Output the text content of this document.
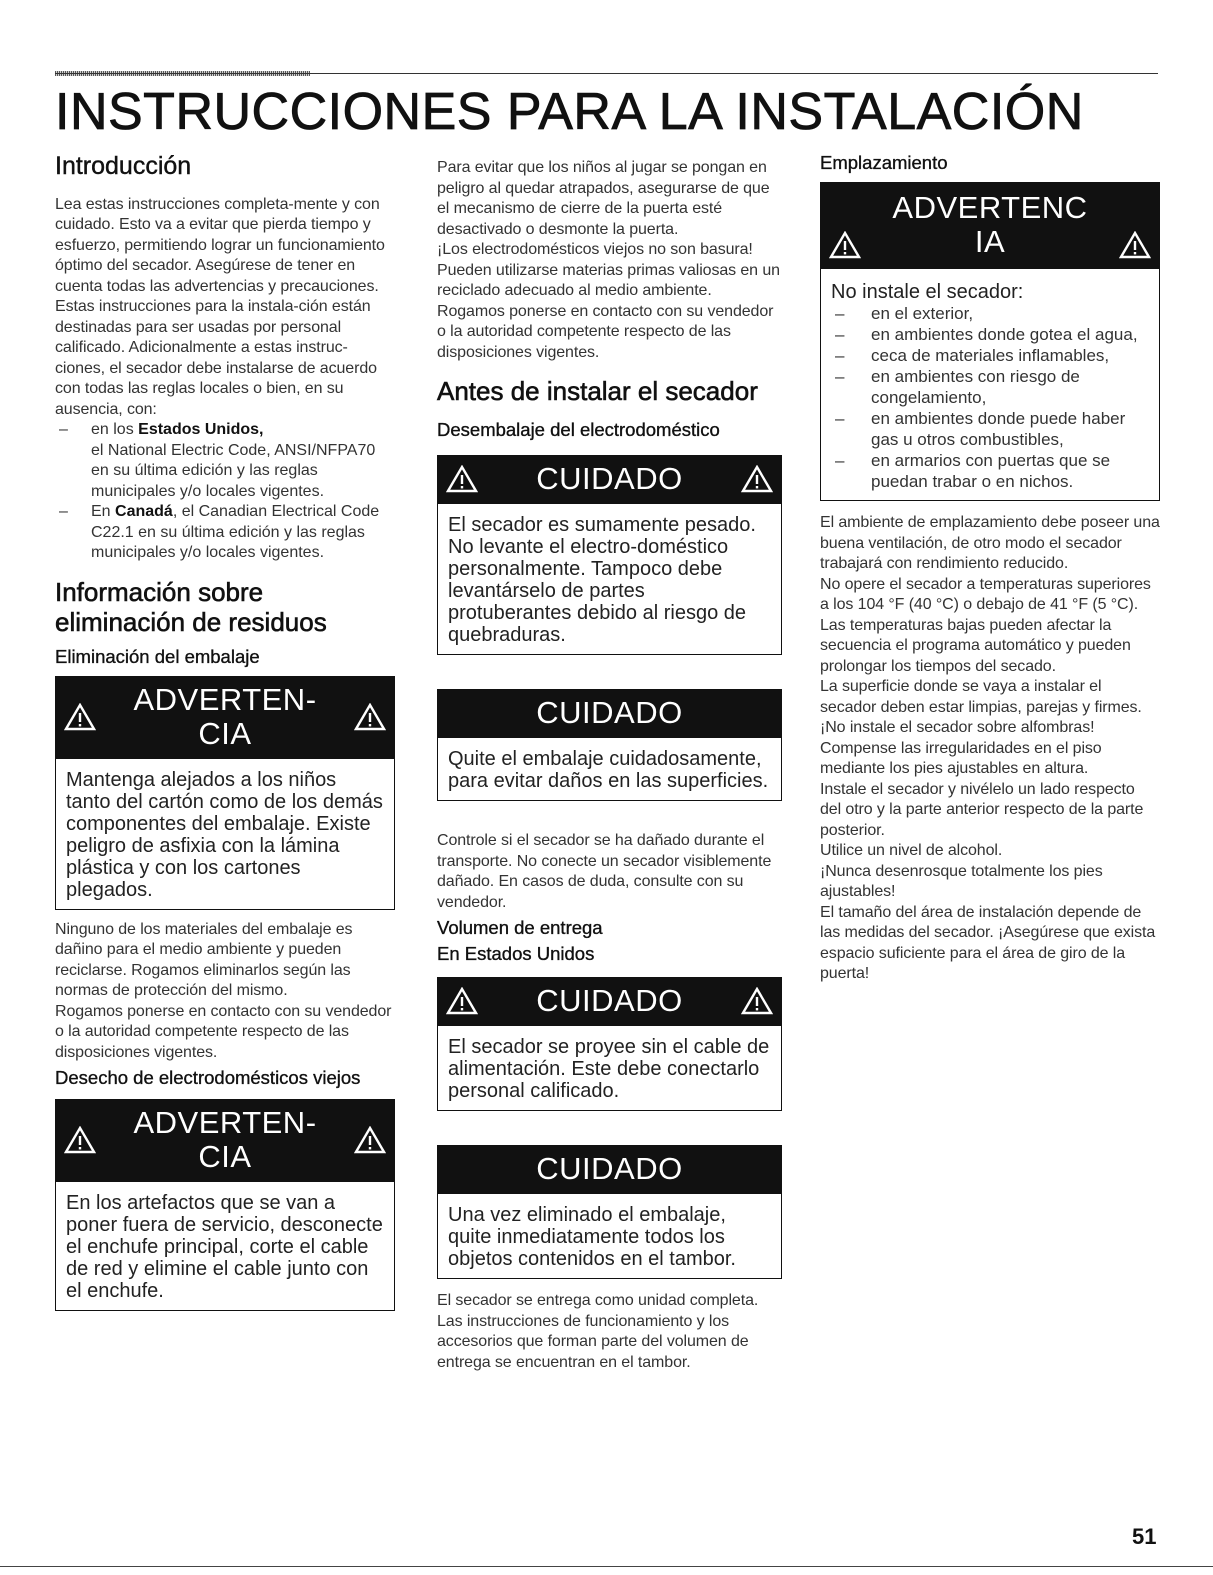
INSTRUCCIONES PARA LA INSTALACIÓN
Introducción

Lea estas instrucciones completa-mente y con cuidado. Esto va a evitar que pierda tiempo y esfuerzo, permitiendo lograr un funcionamiento óptimo del secador. Asegúrese de tener en cuenta todas las advertencias y precauciones.

Estas instrucciones para la instala-ción están destinadas para ser usadas por personal calificado. Adicionalmente a estas instruc-ciones, el secador debe instalarse de acuerdo con todas las reglas locales o bien, en su ausencia, con:

– en los Estados Unidos,
el National Electric Code, ANSI/NFPA70 en su última edición y las reglas municipales y/o locales vigentes.
– En Canadá, el Canadian Electrical Code C22.1 en su última edición y las reglas municipales y/o locales vigentes.
Información sobre eliminación de residuos
Eliminación del embalaje
ADVERTEN-CIA
Mantenga alejados a los niños tanto del cartón como de los demás componentes del embalaje. Existe peligro de asfixia con la lámina plástica y con los cartones plegados.

Ninguno de los materiales del embalaje es dañino para el medio ambiente y pueden reciclarse. Rogamos eliminarlos según las normas de protección del mismo.

Rogamos ponerse en contacto con su vendedor o la autoridad competente respecto de las disposiciones vigentes.

Desecho de electrodomésticos viejos
ADVERTEN-CIA
En los artefactos que se van a poner fuera de servicio, desconecte el enchufe principal, corte el cable de red y elimine el cable junto con el enchufe.

Para evitar que los niños al jugar se pongan en peligro al quedar atrapados, asegurarse de que el mecanismo de cierre de la puerta esté desactivado o desmonte la puerta.

¡Los electrodomésticos viejos no son basura! Pueden utilizarse materias primas valiosas en un reciclado adecuado al medio ambiente.

Rogamos ponerse en contacto con su vendedor o la autoridad competente respecto de las disposiciones vigentes.

Antes de instalar el secador
Desembalaje del electrodoméstico
CUIDADO
El secador es sumamente pesado. No levante el electro-doméstico personalmente. Tampoco debe levantárselo de partes protuberantes debido al riesgo de quebraduras.
CUIDADO
Quite el embalaje cuidadosamente, para evitar daños en las superficies.

Controle si el secador se ha dañado durante el transporte. No conecte un secador visiblemente dañado. En casos de duda, consulte con su vendedor.

Volumen de entrega
En Estados Unidos
CUIDADO
El secador se proyee sin el cable de alimentación. Este debe conectarlo personal calificado.
CUIDADO
Una vez eliminado el embalaje, quite inmediatamente todos los objetos contenidos en el tambor.

El secador se entrega como unidad completa. Las instrucciones de funcionamiento y los accesorios que forman parte del volumen de entrega se encuentran en el tambor.

Emplazamiento
ADVERTENCIA
No instale el secador:
– en el exterior,
– en ambientes donde gotea el agua,
– ceca de materiales inflamables,
– en ambientes con riesgo de congelamiento,
– en ambientes donde puede haber gas u otros combustibles,
– en armarios con puertas que se puedan trabar o en nichos.

El ambiente de emplazamiento debe poseer una buena ventilación, de otro modo el secador trabajará con rendimiento reducido.

No opere el secador a temperaturas superiores a los 104 °F (40 °C) o debajo de 41 °F (5 °C). Las temperaturas bajas pueden afectar la secuencia el programa automático y pueden prolongar los tiempos del secado.

La superficie donde se vaya a instalar el secador deben estar limpias, parejas y firmes. ¡No instale el secador sobre alfombras! Compense las irregularidades en el piso mediante los pies ajustables en altura.

Instale el secador y nivélelo un lado respecto del otro y la parte anterior respecto de la parte posterior.

Utilice un nivel de alcohol.

¡Nunca desenrosque totalmente los pies ajustables!

El tamaño del área de instalación depende de las medidas del secador. ¡Asegúrese que exista espacio suficiente para el área de giro de la puerta!

51
